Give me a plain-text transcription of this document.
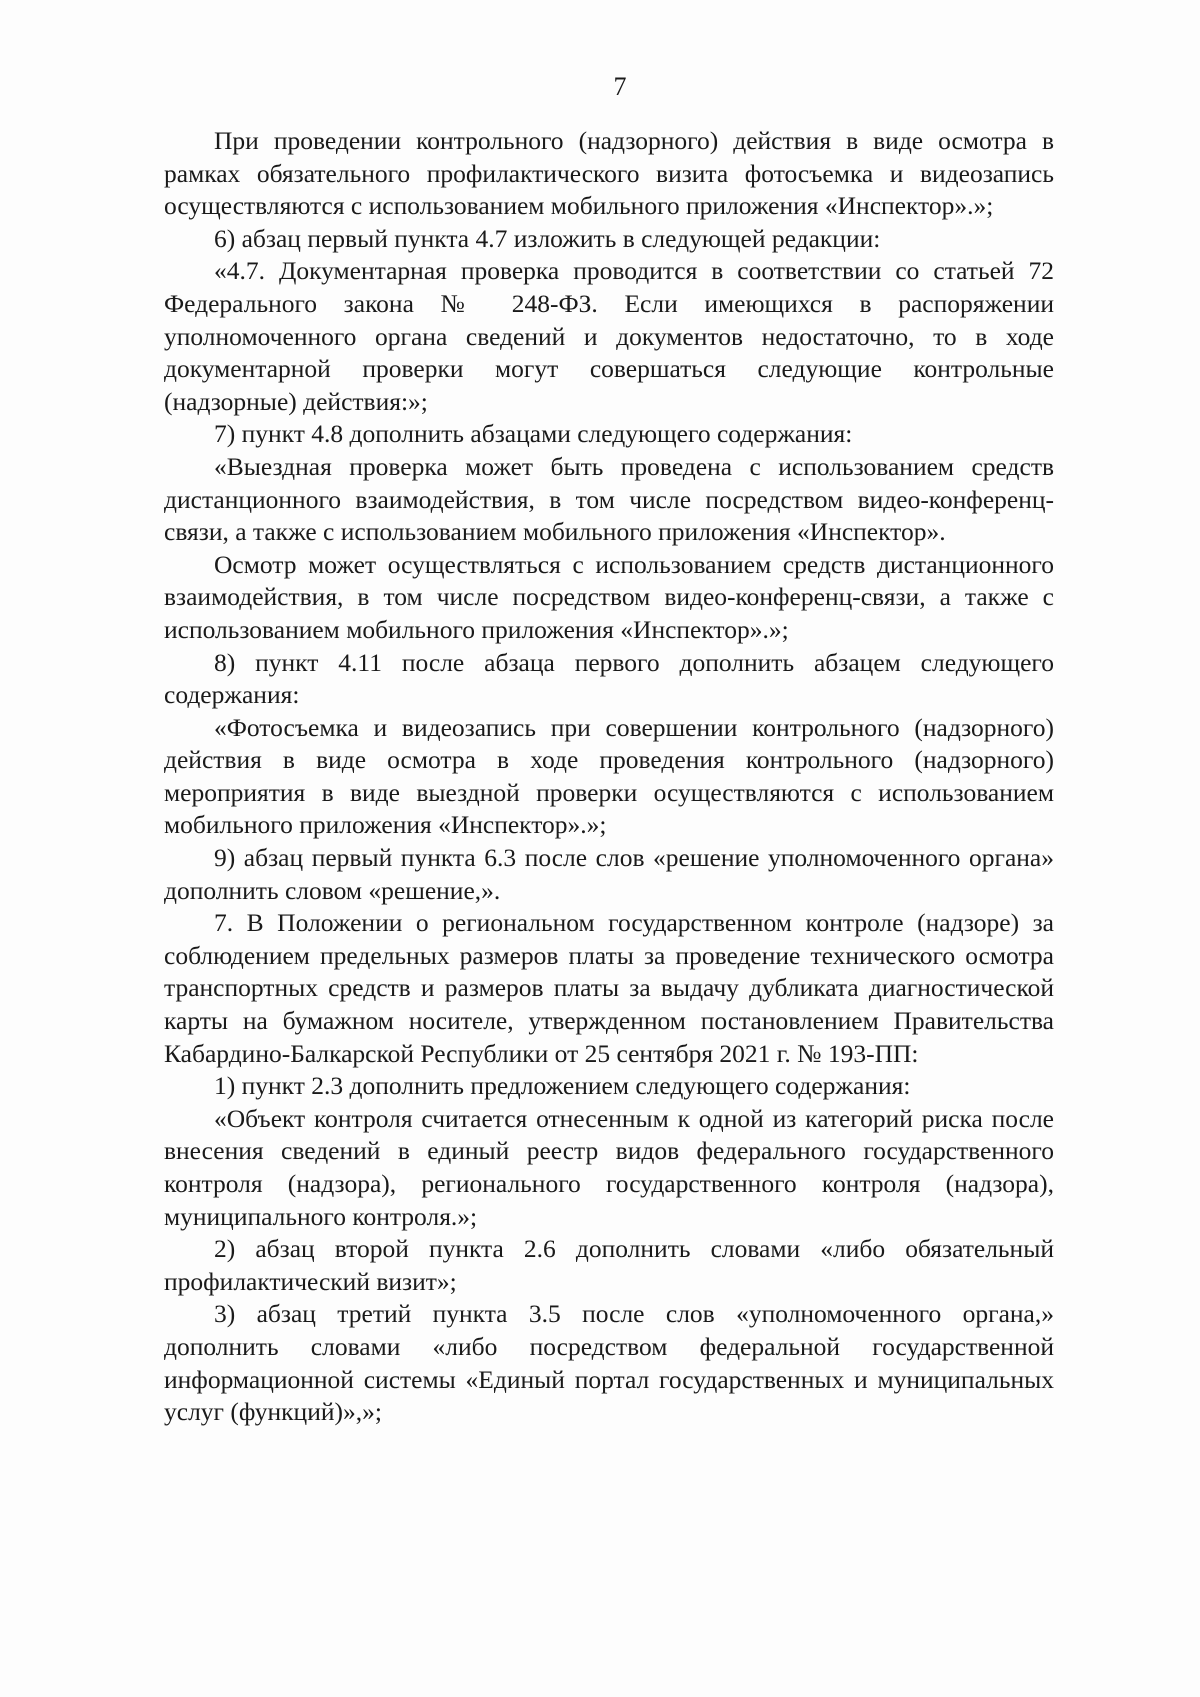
7

При проведении контрольного (надзорного) действия в виде осмотра в рамках обязательного профилактического визита фотосъемка и видеозапись осуществляются с использованием мобильного приложения «Инспектор».»;

6) абзац первый пункта 4.7 изложить в следующей редакции:

«4.7. Документарная проверка проводится в соответствии со статьей 72 Федерального закона № 248-ФЗ. Если имеющихся в распоряжении уполномоченного органа сведений и документов недостаточно, то в ходе документарной проверки могут совершаться следующие контрольные (надзорные) действия:»;

7) пункт 4.8 дополнить абзацами следующего содержания:

«Выездная проверка может быть проведена с использованием средств дистанционного взаимодействия, в том числе посредством видео-конференц-связи, а также с использованием мобильного приложения «Инспектор».

Осмотр может осуществляться с использованием средств дистанционного взаимодействия, в том числе посредством видео-конференц-связи, а также с использованием мобильного приложения «Инспектор».»;

8) пункт 4.11 после абзаца первого дополнить абзацем следующего содержания:

«Фотосъемка и видеозапись при совершении контрольного (надзорного) действия в виде осмотра в ходе проведения контрольного (надзорного) мероприятия в виде выездной проверки осуществляются с использованием мобильного приложения «Инспектор».»;

9) абзац первый пункта 6.3 после слов «решение уполномоченного органа» дополнить словом «решение,».

7. В Положении о региональном государственном контроле (надзоре) за соблюдением предельных размеров платы за проведение технического осмотра транспортных средств и размеров платы за выдачу дубликата диагностической карты на бумажном носителе, утвержденном постановлением Правительства Кабардино-Балкарской Республики от 25 сентября 2021 г. № 193-ПП:

1) пункт 2.3 дополнить предложением следующего содержания:

«Объект контроля считается отнесенным к одной из категорий риска после внесения сведений в единый реестр видов федерального государственного контроля (надзора), регионального государственного контроля (надзора), муниципального контроля.»;

2) абзац второй пункта 2.6 дополнить словами «либо обязательный профилактический визит»;

3) абзац третий пункта 3.5 после слов «уполномоченного органа,» дополнить словами «либо посредством федеральной государственной информационной системы «Единый портал государственных и муниципальных услуг (функций)»,»;
